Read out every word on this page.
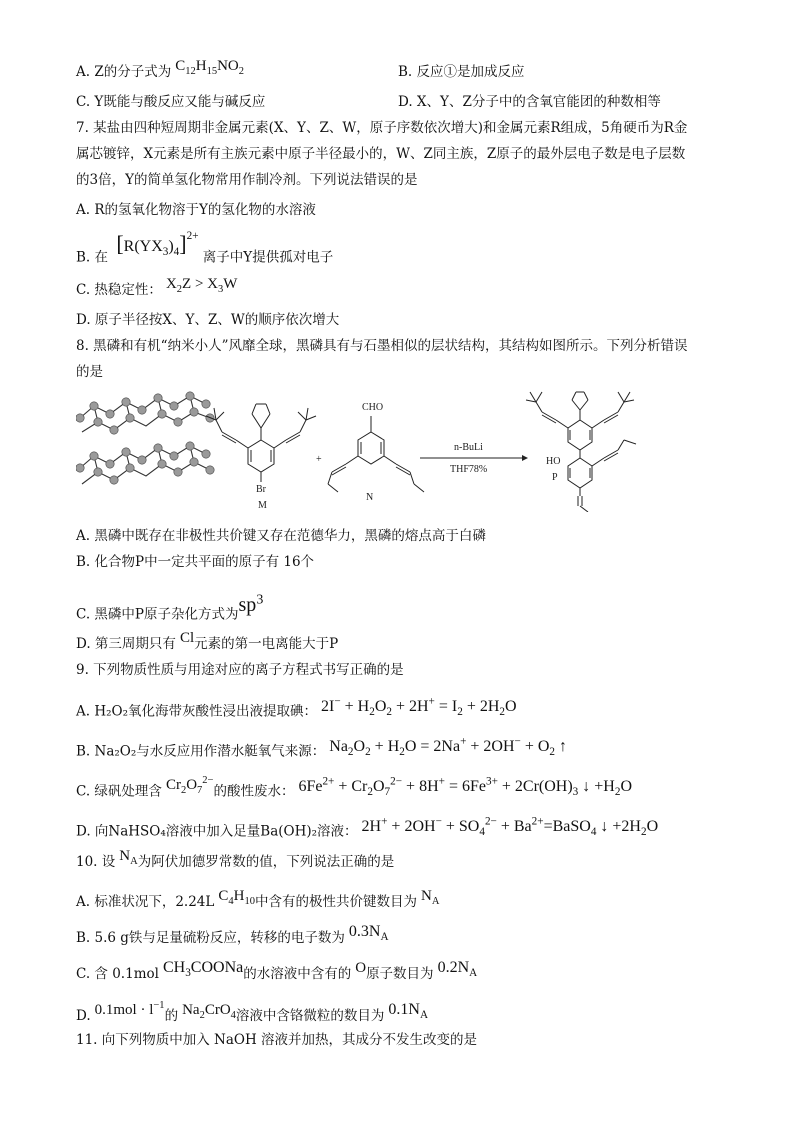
A. Z的分子式为 $C_{12}H_{15}NO_2$	B. 反应①是加成反应
C. Y既能与酸反应又能与碱反应	D. X、Y、Z分子中的含氧官能团的种数相等
7. 某盐由四种短周期非金属元素(X、Y、Z、W，原子序数依次增大)和金属元素R组成，5角硬币为R金
属芯镀锌，X元素是所有主族元素中原子半径最小的，W、Z同主族，Z原子的最外层电子数是电子层数
的3倍，Y的简单氢化物常用作制冷剂。下列说法错误的是
A. R的氢氧化物溶于Y的氢化物的水溶液
B. 在 $[R(YX_3)_4]^{2+}$ 离子中Y提供孤对电子
C. 热稳定性： $X_2Z > X_3W$
D. 原子半径按X、Y、Z、W的顺序依次增大
8. 黑磷和有机“纳米小人”风靡全球，黑磷具有与石墨相似的层状结构，其结构如图所示。下列分析错误
的是
Br
M
+
CHO
N
n-BuLi
THF78%
HO
P
A. 黑磷中既存在非极性共价键又存在范德华力，黑磷的熔点高于白磷
B. 化合物P中一定共平面的原子有 16个
C. 黑磷中P原子杂化方式为$sp^3$
D. 第三周期只有 Cl元素的第一电离能大于P
9. 下列物质性质与用途对应的离子方程式书写正确的是
A. H₂O₂氧化海带灰酸性浸出液提取碘： $2I^- + H_2O_2 + 2H^+ = I_2 + 2H_2O$
B. Na₂O₂与水反应用作潜水艇氧气来源： $Na_2O_2 + H_2O = 2Na^+ + 2OH^- + O_2$ ↑
C. 绿矾处理含 $Cr_2O_7^{2-}$的酸性废水： $6Fe^{2+} + Cr_2O_7^{2-} + 8H^+ = 6Fe^{3+} + 2Cr(OH)_3$ ↓ $+H_2O$
D. 向NaHSO₄溶液中加入足量Ba(OH)₂溶液： $2H^+ + 2OH^- + SO_4^{2-}$ + $Ba^{2+}=BaSO_4$ ↓ $+2H_2O$
10. 设 $N_A$为阿伏加德罗常数的值，下列说法正确的是
A. 标准状况下，2.24L $C_4H_{10}$中含有的极性共价键数目为 $N_A$
B. 5.6 g铁与足量硫粉反应，转移的电子数为 $0.3N_A$
C. 含 0.1mol $CH_3COONa$的水溶液中含有的 O原子数目为 $0.2N_A$
D. $0.1mol \cdot l^{-1}$的 $Na_2CrO_4$溶液中含铬微粒的数目为 $0.1N_A$
11. 向下列物质中加入 NaOH 溶液并加热，其成分不发生改变的是
